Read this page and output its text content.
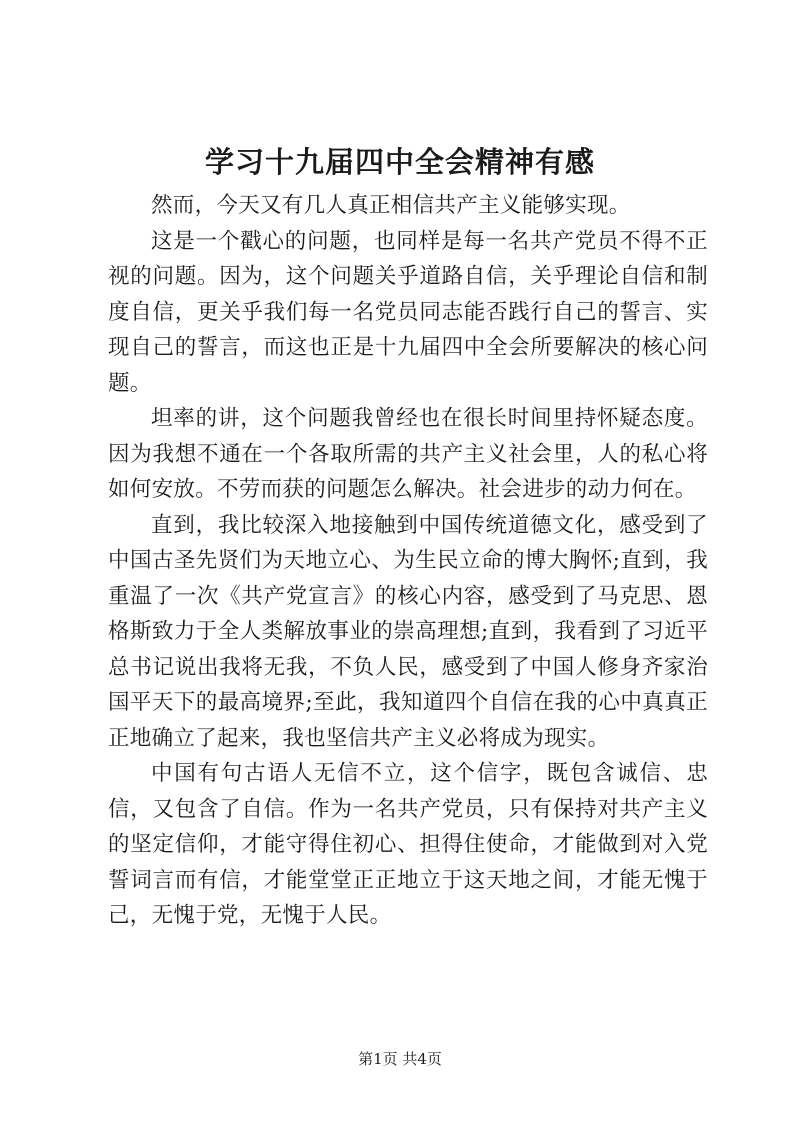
学习十九届四中全会精神有感

然而，今天又有几人真正相信共产主义能够实现。

这是一个戳心的问题，也同样是每一名共产党员不得不正视的问题。因为，这个问题关乎道路自信，关乎理论自信和制度自信，更关乎我们每一名党员同志能否践行自己的誓言、实现自己的誓言，而这也正是十九届四中全会所要解决的核心问题。

坦率的讲，这个问题我曾经也在很长时间里持怀疑态度。因为我想不通在一个各取所需的共产主义社会里，人的私心将如何安放。不劳而获的问题怎么解决。社会进步的动力何在。

直到，我比较深入地接触到中国传统道德文化，感受到了中国古圣先贤们为天地立心、为生民立命的博大胸怀;直到，我重温了一次《共产党宣言》的核心内容，感受到了马克思、恩格斯致力于全人类解放事业的崇高理想;直到，我看到了习近平总书记说出我将无我，不负人民，感受到了中国人修身齐家治国平天下的最高境界;至此，我知道四个自信在我的心中真真正正地确立了起来，我也坚信共产主义必将成为现实。

中国有句古语人无信不立，这个信字，既包含诚信、忠信，又包含了自信。作为一名共产党员，只有保持对共产主义的坚定信仰，才能守得住初心、担得住使命，才能做到对入党誓词言而有信，才能堂堂正正地立于这天地之间，才能无愧于己，无愧于党，无愧于人民。

第1页 共4页
